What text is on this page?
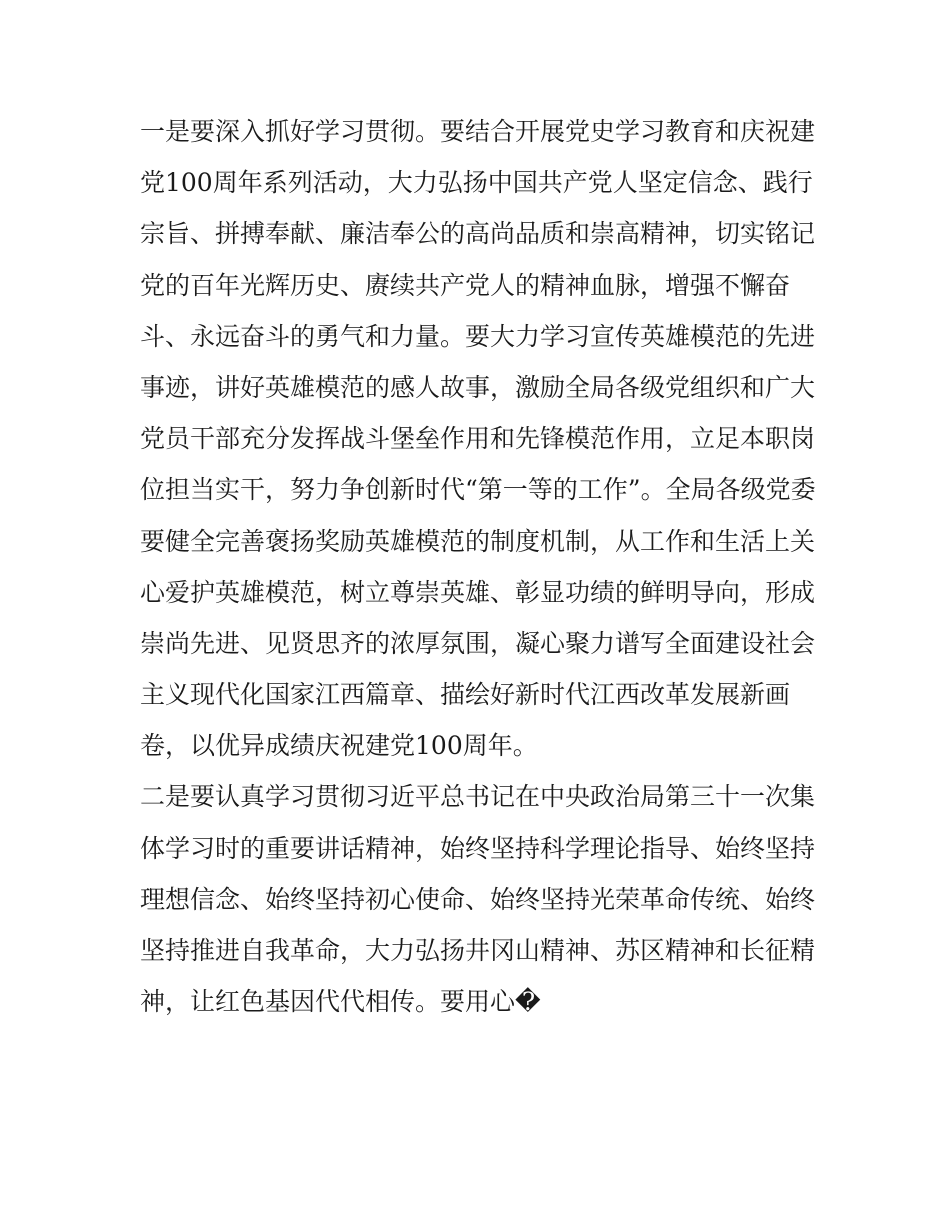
一是要深入抓好学习贯彻。要结合开展党史学习教育和庆祝建
党100周年系列活动，大力弘扬中国共产党人坚定信念、践行
宗旨、拼搏奉献、廉洁奉公的高尚品质和崇高精神，切实铭记
党的百年光辉历史、赓续共产党人的精神血脉，增强不懈奋
斗、永远奋斗的勇气和力量。要大力学习宣传英雄模范的先进
事迹，讲好英雄模范的感人故事，激励全局各级党组织和广大
党员干部充分发挥战斗堡垒作用和先锋模范作用，立足本职岗
位担当实干，努力争创新时代“第一等的工作”。全局各级党委
要健全完善褒扬奖励英雄模范的制度机制，从工作和生活上关
心爱护英雄模范，树立尊崇英雄、彰显功绩的鲜明导向，形成
崇尚先进、见贤思齐的浓厚氛围，凝心聚力谱写全面建设社会
主义现代化国家江西篇章、描绘好新时代江西改革发展新画
卷，以优异成绩庆祝建党100周年。
二是要认真学习贯彻习近平总书记在中央政治局第三十一次集
体学习时的重要讲话精神，始终坚持科学理论指导、始终坚持
理想信念、始终坚持初心使命、始终坚持光荣革命传统、始终
坚持推进自我革命，大力弘扬井冈山精神、苏区精神和长征精
神，让红色基因代代相传。要用心�
